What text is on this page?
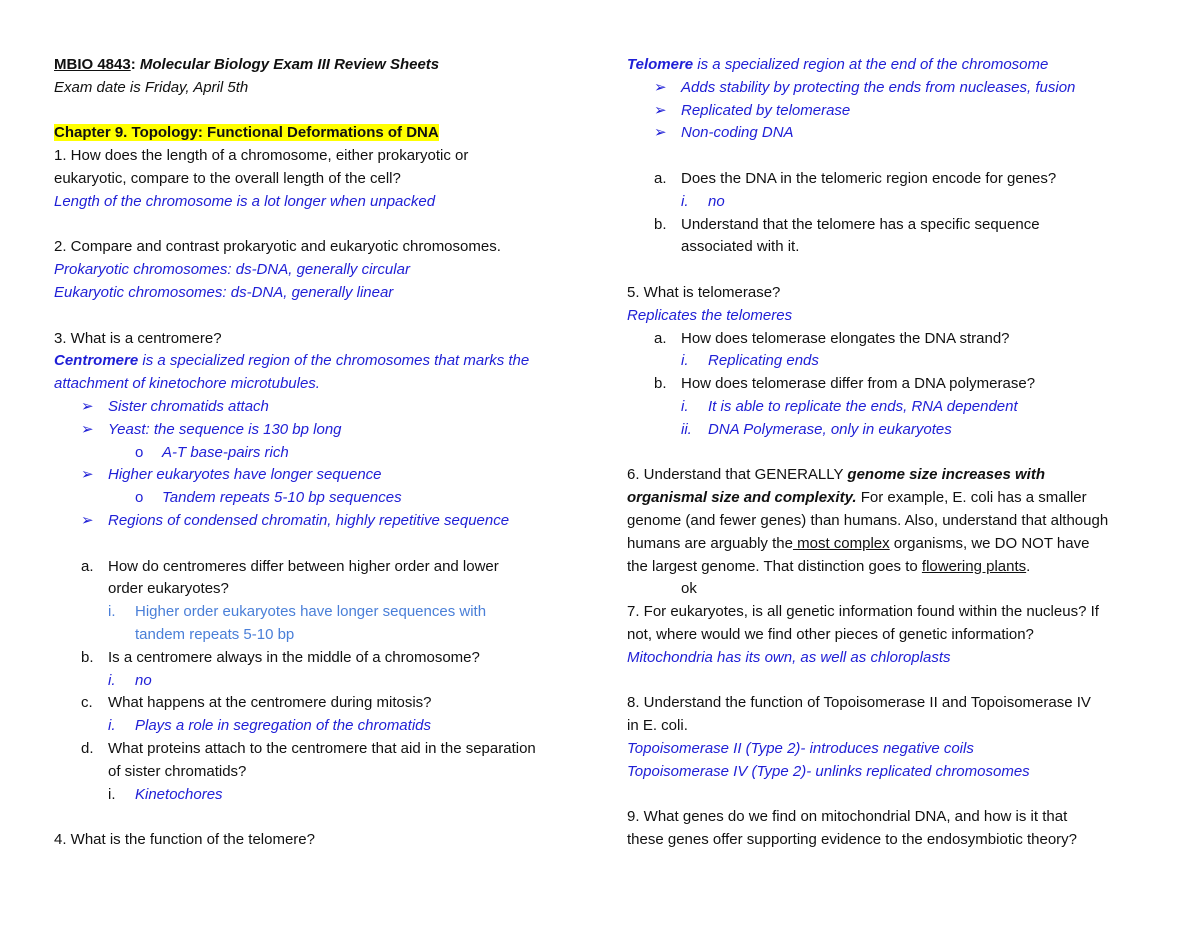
MBIO 4843: Molecular Biology Exam III Review Sheets

Exam date is Friday, April 5th

Chapter 9. Topology: Functional Deformations of DNA

1. How does the length of a chromosome, either prokaryotic or

eukaryotic, compare to the overall length of the cell?

Length of the chromosome is a lot longer when unpacked

2. Compare and contrast prokaryotic and eukaryotic chromosomes.

Prokaryotic chromosomes: ds-DNA, generally circular

Eukaryotic chromosomes: ds-DNA, generally linear

3. What is a centromere?

Centromere is a specialized region of the chromosomes that marks the

attachment of kinetochore microtubules.

➢ Sister chromatids attach
➢ Yeast: the sequence is 130 bp long
o	A-T base-pairs rich
➢ Higher eukaryotes have longer sequence
o	Tandem repeats 5-10 bp sequences
➢ Regions of condensed chromatin, highly repetitive sequence
a. How do centromeres differ between higher order and lower
order eukaryotes?
i.	Higher order eukaryotes have longer sequences with
tandem repeats 5-10 bp
b. Is a centromere always in the middle of a chromosome?
i.	no
c.	What happens at the centromere during mitosis?
i.	Plays a role in segregation of the chromatids
d. What proteins attach to the centromere that aid in the separation
of sister chromatids?
i.	Kinetochores

4. What is the function of the telomere?

Telomere is a specialized region at the end of the chromosome

➢ Adds stability by protecting the ends from nucleases, fusion
➢ Replicated by telomerase
➢ Non-coding DNA
a. Does the DNA in the telomeric region encode for genes?
i.	no
b. Understand that the telomere has a specific sequence
associated with it.

5. What is telomerase?

Replicates the telomeres

a. How does telomerase elongates the DNA strand?
i.	Replicating ends
b. How does telomerase differ from a DNA polymerase?
i.	It is able to replicate the ends, RNA dependent
ii.	DNA Polymerase, only in eukaryotes

6. Understand that GENERALLY genome size increases with

organismal size and complexity. For example, E. coli has a smaller

genome (and fewer genes) than humans. Also, understand that although

humans are arguably the most complex organisms, we DO NOT have

the largest genome. That distinction goes to flowering plants.

ok

7. For eukaryotes, is all genetic information found within the nucleus? If

not, where would we find other pieces of genetic information?

Mitochondria has its own, as well as chloroplasts

8. Understand the function of Topoisomerase II and Topoisomerase IV

in E. coli.

Topoisomerase II (Type 2)- introduces negative coils

Topoisomerase IV (Type 2)- unlinks replicated chromosomes

9. What genes do we find on mitochondrial DNA, and how is it that

these genes offer supporting evidence to the endosymbiotic theory?
